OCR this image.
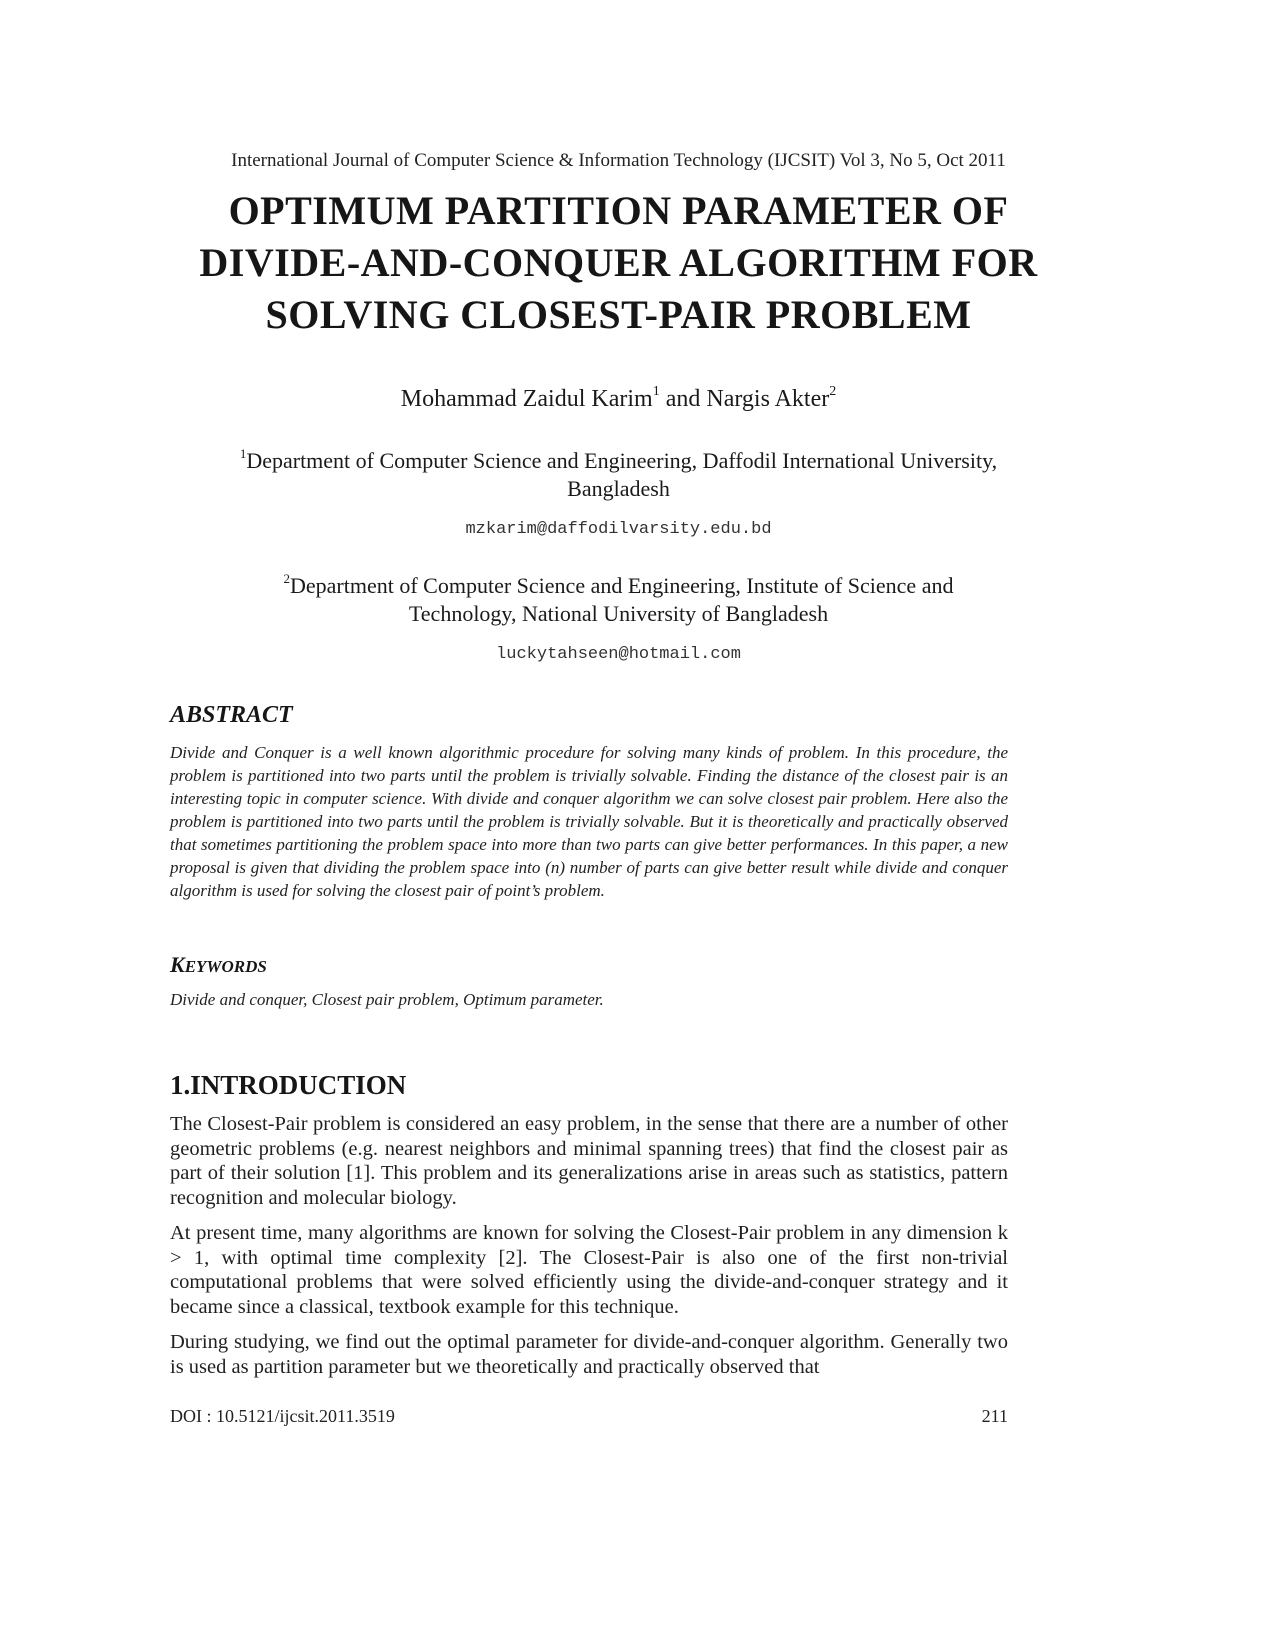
International Journal of Computer Science & Information Technology (IJCSIT) Vol 3, No 5, Oct 2011
OPTIMUM PARTITION PARAMETER OF
DIVIDE-AND-CONQUER ALGORITHM FOR
SOLVING CLOSEST-PAIR PROBLEM
Mohammad Zaidul Karim$^1$ and Nargis Akter$^2$
$^1$Department of Computer Science and Engineering, Daffodil International University,
Bangladesh
mzkarim@daffodilvarsity.edu.bd
$^2$Department of Computer Science and Engineering, Institute of Science and
Technology, National University of Bangladesh
luckytahseen@hotmail.com
ABSTRACT
Divide and Conquer is a well known algorithmic procedure for solving many kinds of problem. In this procedure, the problem is partitioned into two parts until the problem is trivially solvable. Finding the distance of the closest pair is an interesting topic in computer science. With divide and conquer algorithm we can solve closest pair problem. Here also the problem is partitioned into two parts until the problem is trivially solvable. But it is theoretically and practically observed that sometimes partitioning the problem space into more than two parts can give better performances. In this paper, a new proposal is given that dividing the problem space into (n) number of parts can give better result while divide and conquer algorithm is used for solving the closest pair of point’s problem.
KEYWORDS
Divide and conquer, Closest pair problem, Optimum parameter.
1.INTRODUCTION

The Closest-Pair problem is considered an easy problem, in the sense that there are a number of other geometric problems (e.g. nearest neighbors and minimal spanning trees) that find the closest pair as part of their solution [1]. This problem and its generalizations arise in areas such as statistics, pattern recognition and molecular biology.

At present time, many algorithms are known for solving the Closest-Pair problem in any dimension k > 1, with optimal time complexity [2]. The Closest-Pair is also one of the first non-trivial computational problems that were solved efficiently using the divide-and-conquer strategy and it became since a classical, textbook example for this technique.

During studying, we find out the optimal parameter for divide-and-conquer algorithm. Generally two is used as partition parameter but we theoretically and practically observed that

DOI : 10.5121/ijcsit.2011.3519	211
